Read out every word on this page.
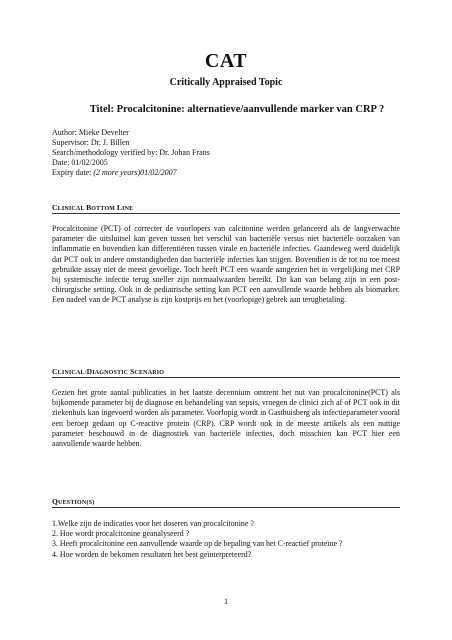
CAT
Critically Appraised Topic
Titel: Procalcitonine: alternatieve/aanvullende marker van CRP ?
Author: Mieke Develter
Supervisor: Dr. J. Billen
Search/methodology verified by: Dr. Johan Frans
Date: 01/02/2005
Expiry date: (2 more years)01/02/2007
CLINICAL BOTTOM LINE
Procalcitonine (PCT) of correcter de voorlopers van calcitonine werden gelanceerd als de langverwachte parameter die uitsluitsel kan geven tussen het verschil van bacteriële versus niet bacteriële oorzaken van inflammatie en bovendien kan differentiëren tussen virale en bacteriële infecties. Gaandeweg werd duidelijk dat PCT ook in andere omstandigheden dan bacteriële infecties kan stijgen. Bovendien is de tot nu toe meest gebruikte assay niet de meest gevoelige. Toch heeft PCT een waarde aangezien het in vergelijking met CRP bij systemische infectie terug sneller zijn normaalwaarden bereikt. Dit kan van belang zijn in een post-chirurgische setting. Ook in de pediatrische setting kan PCT een aanvullende waarde hebben als biomarker. Een nadeel van de PCT analyse is zijn kostprijs en het (voorlopige) gebrek aan terugbetaling.
CLINICAL/DIAGNOSTIC SCENARIO
Gezien het grote aantal publicaties in het laatste decennium omtrent het nut van procalcitonine(PCT) als bijkomende parameter bij de diagnose en behandeling van sepsis, vroegen de clinici zich af of PCT ook in dit ziekenhuis kan ingevoerd worden als parameter. Voorlopig wordt in Gasthuisberg als infectieparameter vooral een beroep gedaan op C-reactive protein (CRP). CRP wordt ook in de meeste artikels als een nuttige parameter beschouwd in de diagnostiek van bacteriële infecties, doch misschien kan PCT hier een aanvullende waarde hebben.
QUESTION(S)
1.Welke zijn de indicaties voor het doseren van procalcitonine ?
2. Hoe wordt procalcitonine geanalyseerd ?
3. Heeft procalcitonine een aanvullende waarde op de bepaling van het C-reactief proteïne ?
4. Hoe worden de bekomen resultaten het best geïnterpreteerd?
1
